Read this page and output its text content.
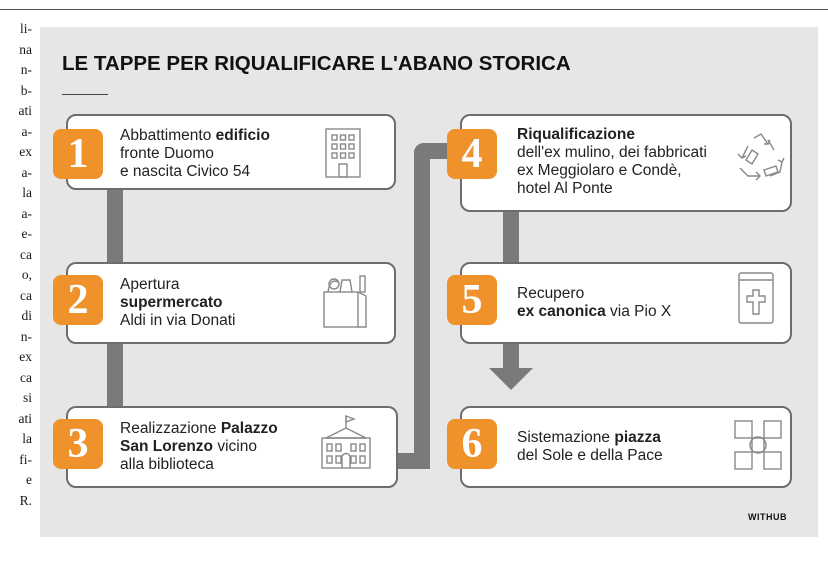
li-
na
n-
b-
ati
a-
ex
a-
la
a-
e-
ca
o,
ca
di
n-
ex
ca
si
ati
la
fi-
e
R.
LE TAPPE PER RIQUALIFICARE L'ABANO STORICA
1
2
3
4
5
6
Abbattimento edificio
fronte Duomo
e nascita Civico 54
Apertura
supermercato
Aldi in via Donati
Realizzazione Palazzo
San Lorenzo vicino
alla biblioteca
Riqualificazione
dell'ex mulino, dei fabbricati
ex Meggiolaro e Condè,
hotel Al Ponte
Recupero
ex canonica via Pio X
Sistemazione piazza
del Sole e della Pace
WITHUB
